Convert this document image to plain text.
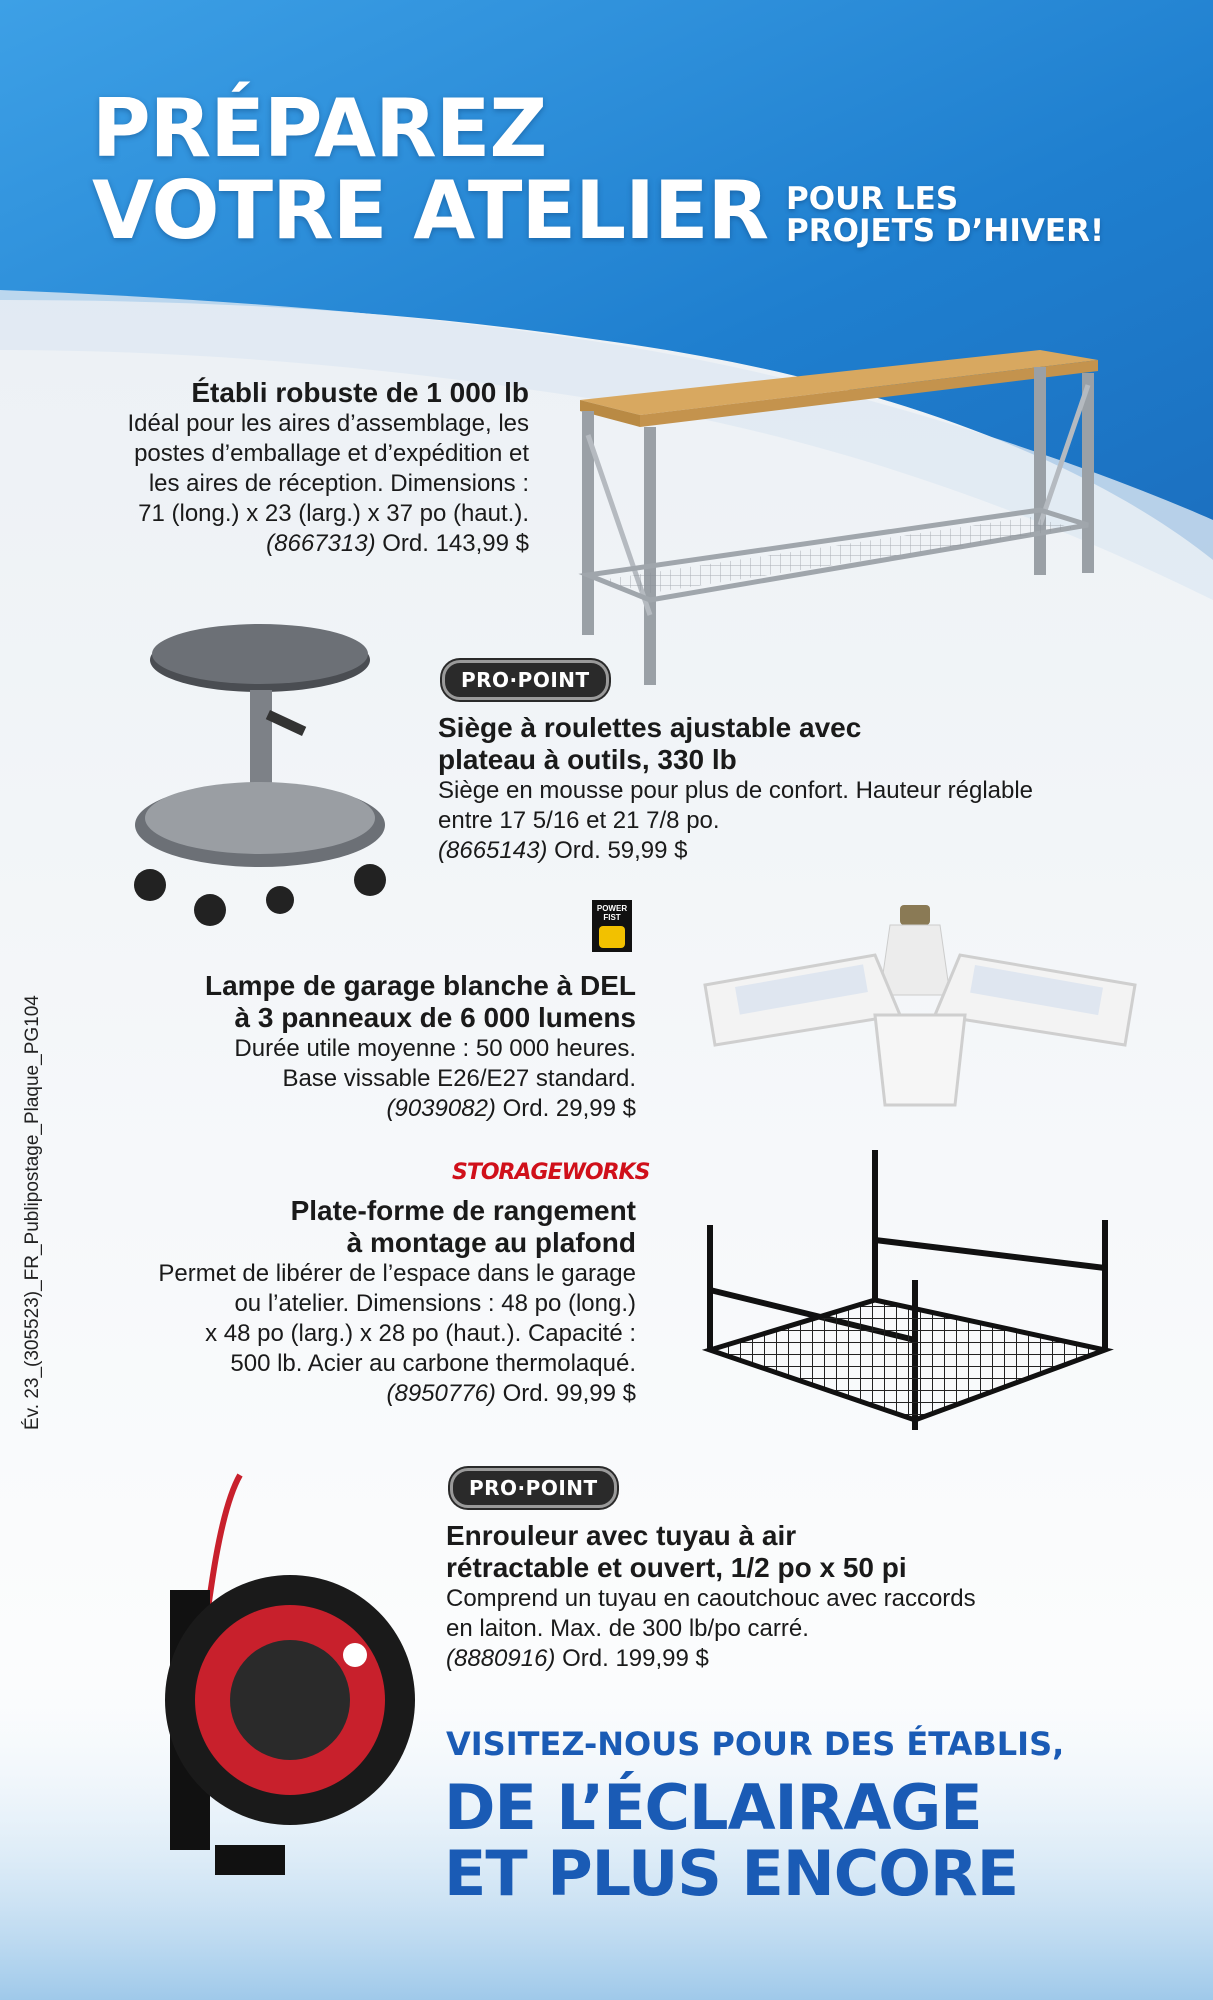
PRÉPAREZ
VOTRE ATELIER POUR LES
PROJETS D’HIVER!
Év. 23_(305523)_FR_Publipostage_Plaque_PG104
Établi robuste de 1 000 lb
Idéal pour les aires d’assemblage, les
postes d’emballage et d’expédition et
les aires de réception. Dimensions :
71 (long.) x 23 (larg.) x 37 po (haut.).
(8667313) Ord. 143,99 $
PRO·POINT
Siège à roulettes ajustable avec
plateau à outils, 330 lb
Siège en mousse pour plus de confort. Hauteur réglable
entre 17 5/16 et 21 7/8 po.
(8665143) Ord. 59,99 $
POWER FIST
Lampe de garage blanche à DEL
à 3 panneaux de 6 000 lumens
Durée utile moyenne : 50 000 heures.
Base vissable E26/E27 standard.
(9039082) Ord. 29,99 $
STORAGEWORKS
Plate-forme de rangement
à montage au plafond
Permet de libérer de l’espace dans le garage
ou l’atelier. Dimensions : 48 po (long.)
x 48 po (larg.) x 28 po (haut.). Capacité :
500 lb. Acier au carbone thermolaqué.
(8950776) Ord. 99,99 $
PRO·POINT
Enrouleur avec tuyau à air
rétractable et ouvert, 1/2 po x 50 pi
Comprend un tuyau en caoutchouc avec raccords
en laiton. Max. de 300 lb/po carré.
(8880916) Ord. 199,99 $
VISITEZ-NOUS POUR DES ÉTABLIS,
DE L’ÉCLAIRAGE
ET PLUS ENCORE
